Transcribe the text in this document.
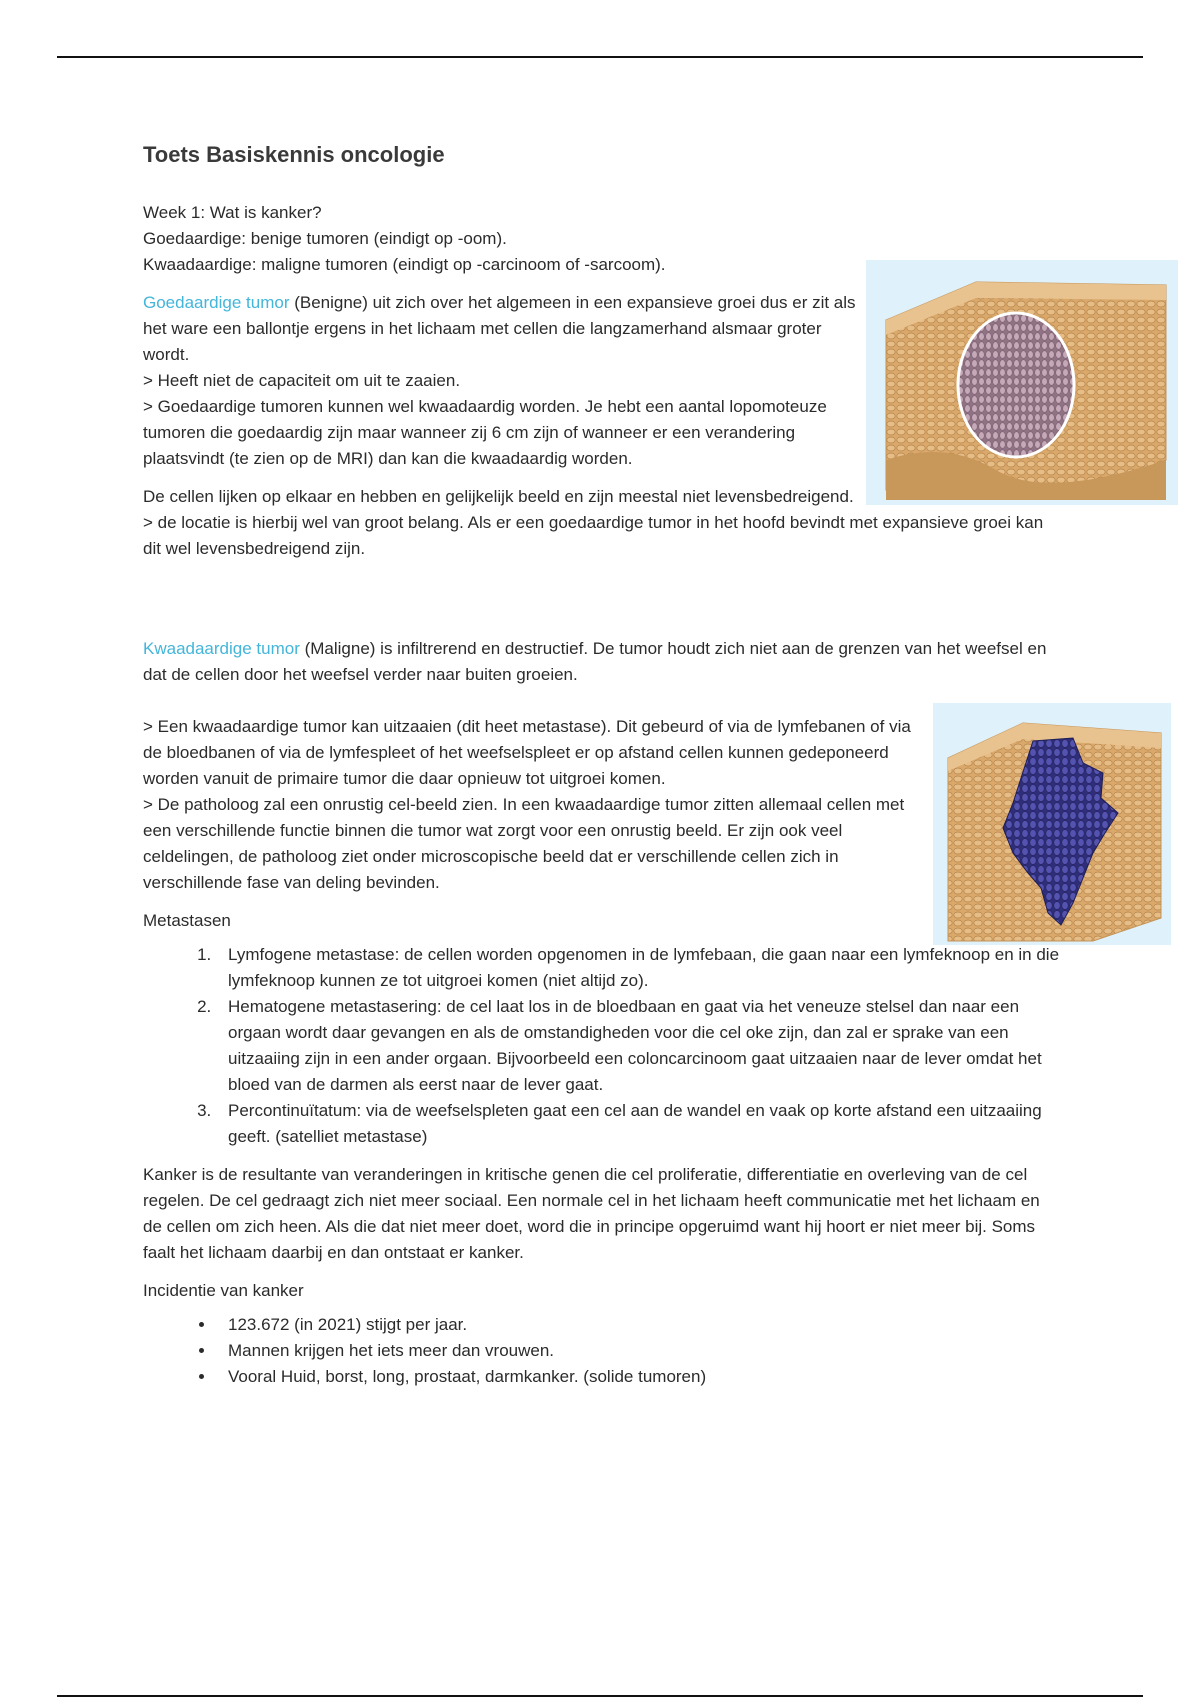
Toets Basiskennis oncologie

Week 1: Wat is kanker?

Goedaardige: benige tumoren (eindigt op -oom).

Kwaadaardige: maligne tumoren (eindigt op -carcinoom of -sarcoom).

Goedaardige tumor (Benigne) uit zich over het algemeen in een expansieve groei dus er zit als het ware een ballontje ergens in het lichaam met cellen die langzamerhand alsmaar groter wordt.

> Heeft niet de capaciteit om uit te zaaien.

> Goedaardige tumoren kunnen wel kwaadaardig worden. Je hebt een aantal lopomoteuze tumoren die goedaardig zijn maar wanneer zij 6 cm zijn of wanneer er een verandering plaatsvindt (te zien op de MRI) dan kan die kwaadaardig worden.

De cellen lijken op elkaar en hebben en gelijkelijk beeld en zijn meestal niet levensbedreigend.

> de locatie is hierbij wel van groot belang. Als er een goedaardige tumor in het hoofd bevindt met expansieve groei kan dit wel levensbedreigend zijn.

Kwaadaardige tumor (Maligne) is infiltrerend en destructief. De tumor houdt zich niet aan de grenzen van het weefsel en dat de cellen door het weefsel verder naar buiten groeien.

> Een kwaadaardige tumor kan uitzaaien (dit heet metastase). Dit gebeurd of via de lymfebanen of via de bloedbanen of via de lymfespleet of het weefselspleet er op afstand cellen kunnen gedeponeerd worden vanuit de primaire tumor die daar opnieuw tot uitgroei komen.

> De patholoog zal een onrustig cel-beeld zien. In een kwaadaardige tumor zitten allemaal cellen met een verschillende functie binnen die tumor wat zorgt voor een onrustig beeld. Er zijn ook veel celdelingen, de patholoog ziet onder microscopische beeld dat er verschillende cellen zich in verschillende fase van deling bevinden.

Metastasen

1. Lymfogene metastase: de cellen worden opgenomen in de lymfebaan, die gaan naar een lymfeknoop en in die lymfeknoop kunnen ze tot uitgroei komen (niet altijd zo).
2. Hematogene metastasering: de cel laat los in de bloedbaan en gaat via het veneuze stelsel dan naar een orgaan wordt daar gevangen en als de omstandigheden voor die cel oke zijn, dan zal er sprake van een uitzaaiing zijn in een ander orgaan. Bijvoorbeeld een coloncarcinoom gaat uitzaaien naar de lever omdat het bloed van de darmen als eerst naar de lever gaat.
3. Percontinuïtatum: via de weefselspleten gaat een cel aan de wandel en vaak op korte afstand een uitzaaiing geeft. (satelliet metastase)

Kanker is de resultante van veranderingen in kritische genen die cel proliferatie, differentiatie en overleving van de cel regelen. De cel gedraagt zich niet meer sociaal. Een normale cel in het lichaam heeft communicatie met het lichaam en de cellen om zich heen. Als die dat niet meer doet, word die in principe opgeruimd want hij hoort er niet meer bij. Soms faalt het lichaam daarbij en dan ontstaat er kanker.

Incidentie van kanker

• 123.672 (in 2021) stijgt per jaar.
• Mannen krijgen het iets meer dan vrouwen.
• Vooral Huid, borst, long, prostaat, darmkanker. (solide tumoren)
